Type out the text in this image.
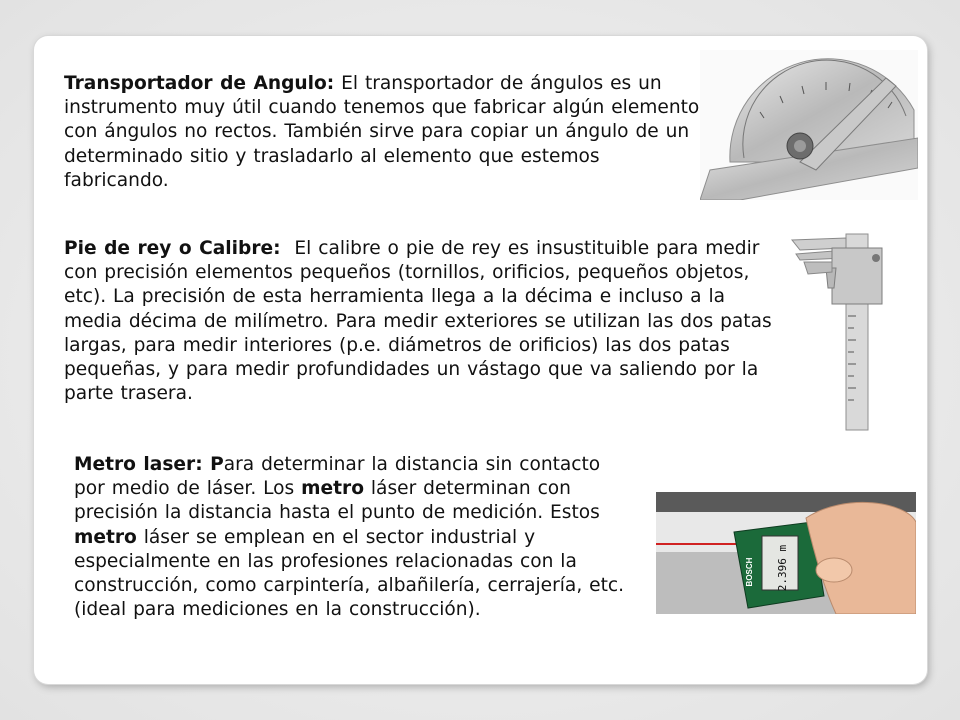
Transportador de Angulo: El transportador de ángulos es un instrumento muy útil cuando tenemos que fabricar algún elemento con ángulos no rectos. También sirve para copiar un ángulo de un determinado sitio y trasladarlo al elemento que estemos fabricando.

Pie de rey o Calibre:  El calibre o pie de rey es insustituible para medir con precisión elementos pequeños (tornillos, orificios, pequeños objetos, etc). La precisión de esta herramienta llega a la décima e incluso a la media décima de milímetro. Para medir exteriores se utilizan las dos patas largas, para medir interiores (p.e. diámetros de orificios) las dos patas pequeñas, y para medir profundidades un vástago que va saliendo por la parte trasera.

Metro laser: Para determinar la distancia sin contacto por medio de láser. Los metro láser determinan con precisión la distancia hasta el punto de medición. Estos metro láser se emplean en el sector industrial y especialmente en las profesiones relacionadas con la construcción, como carpintería, albañilería, cerrajería, etc. (ideal para mediciones en la construcción).

2.396 m
BOSCH
